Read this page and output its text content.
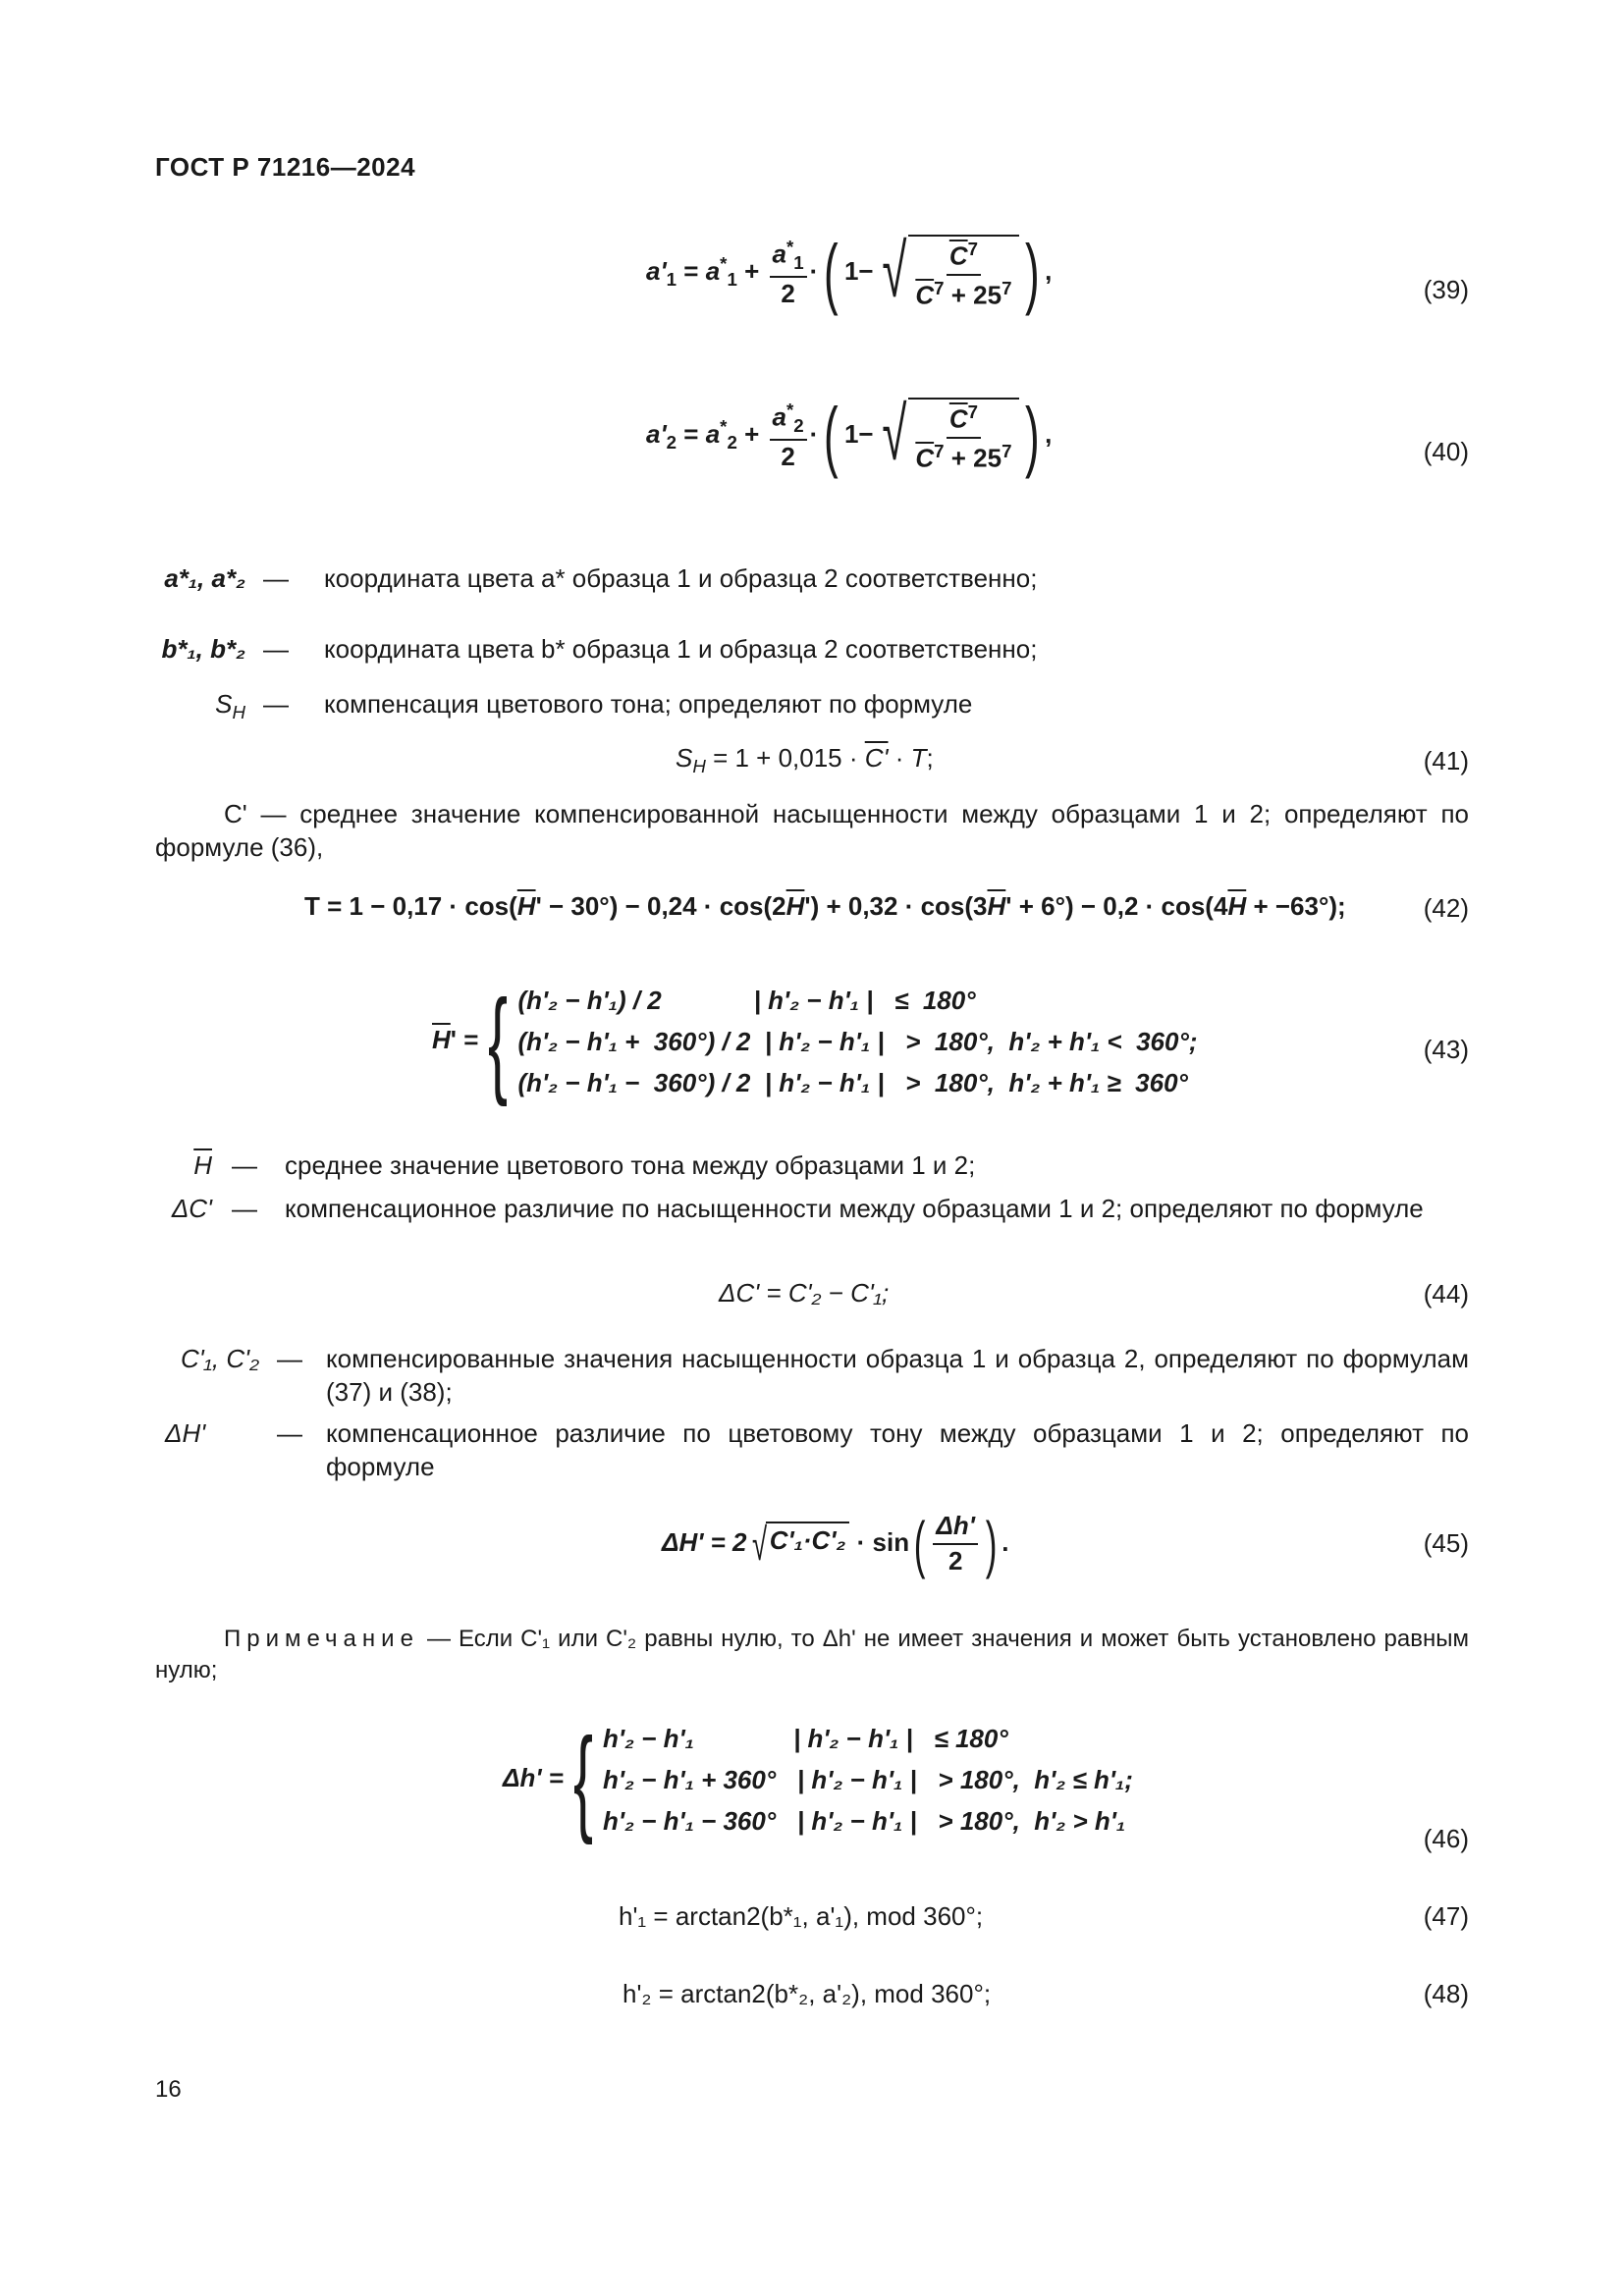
ГОСТ Р 71216—2024
$a'_1 = a^*_1 + \frac{a^*_1}{2}$ ·( 1− √ $\frac{C^7}{\overline{C}^7 + 25^7}$ ) ,
(39)
$a'_2 = a^*_2 + \frac{a^*_2}{2}$ ·( 1− √ $\frac{C^7}{\overline{C}^7 + 25^7}$ ) ,
(40)
a*₁, a*₂ — координата цвета a* образца 1 и образца 2 соответственно;
b*₁, b*₂ — координата цвета b* образца 1 и образца 2 соответственно;
$S_H$ — компенсация цветового тона; определяют по формуле
$S_H = 1 + 0,015 \cdot C' \cdot T$;	(41)
C' — среднее значение компенсированной насыщенности между образцами 1 и 2; определяют по формуле (36),
$T = 1 - 0,17 \cdot \cos(\overline{H}' - 30^\circ) - 0,24 \cdot \cos(2\overline{H}') + 0,32 \cdot \cos(3\overline{H}' + 6^\circ) - 0,2 \cdot \cos(4\overline{H} + -63^\circ)$;	(42)
$\overline{H}'$ ={ (h'₂ − h'₁) / 2             | h'₂ − h'₁ |   ≤  180°
(h'₂ − h'₁ +  360°) / 2  | h'₂ − h'₁ |   >  180°,  h'₂ + h'₁ <  360°;
(h'₂ − h'₁ −  360°) / 2  | h'₂ − h'₁ |   >  180°,  h'₂ + h'₁ ≥  360°
(43)
$\overline{H}$ — среднее значение цветового тона между образцами 1 и 2;
ΔC' — компенсационное различие по насыщенности между образцами 1 и 2; определяют по формуле
ΔC' = C'₂ − C'₁;	(44)
C'₁, C'₂ — компенсированные значения насыщенности образца 1 и образца 2, определяют по формулам (37) и (38);
ΔH'	— компенсационное различие по цветовому тону между образцами 1 и 2; определяют по формуле
ΔH' = 2 √ $C'_1\cdot C'_2 \cdot \sin( \frac{\Delta h'}{2}$ ) .	(45)
Примечание — Если C'₁ или C'₂ равны нулю, то Δh' не имеет значения и может быть установлено равным нулю;
Δh' ={ h'₂ − h'₁              | h'₂ − h'₁ |   ≤ 180°
h'₂ − h'₁ + 360°   | h'₂ − h'₁ |   > 180°,  h'₂ ≤ h'₁;
h'₂ − h'₁ − 360°   | h'₂ − h'₁ |   > 180°,  h'₂ > h'₁
(46)
h'₁ = arctan2(b*₁, a'₁), mod 360°;	(47)
h'₂ = arctan2(b*₂, a'₂), mod 360°;	(48)
16
